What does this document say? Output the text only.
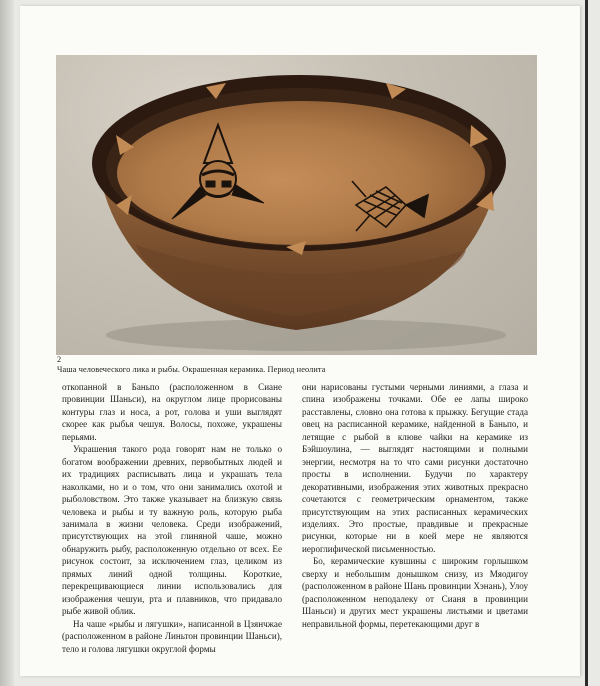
2
Чаша человеческого лика и рыбы. Окрашенная керамика. Период неолита

откопанной в Баньпо (расположенном в Сиане провинции Шаньси), на округлом лице прорисованы контуры глаз и носа, а рот, голова и уши выглядят скорее как рыбья чешуя. Волосы, похоже, украшены перьями.

Украшения такого рода говорят нам не только о богатом воображении древних, первобытных людей и их традициях расписывать лица и украшать тела наколками, но и о том, что они занимались охотой и рыболовством. Это также указывает на близкую связь человека и рыбы и ту важную роль, которую рыба занимала в жизни человека. Среди изображений, присутствующих на этой глиняной чаше, можно обнаружить рыбу, расположенную отдельно от всех. Ее рисунок состоит, за исключением глаз, целиком из прямых линий одной толщины. Короткие, перекрещивающиеся линии использовались для изображения чешуи, рта и плавников, что придавало рыбе живой облик.

На чаше «рыбы и лягушки», написанной в Цзянчжае (расположенном в районе Линьтон провинции Шаньси), тело и голова лягушки округлой формы

они нарисованы густыми черными линиями, а глаза и спина изображены точками. Обе ее лапы широко расставлены, словно она готова к прыжку. Бегущие стада овец на расписанной керамике, найденной в Баньпо, и летящие с рыбой в клюве чайки на керамике из Бэйшоулина, — выглядят настоящими и полными энергии, несмотря на то что сами рисунки достаточно просты в исполнении. Будучи по характеру декоративными, изображения этих животных прекрасно сочетаются с геометрическим орнаментом, также присутствующим на этих расписанных керамических изделиях. Это простые, правдивые и прекрасные рисунки, которые ни в коей мере не являются иероглифической письменностью.

Бо, керамические кувшины с широким горлышком сверху и небольшим донышком снизу, из Мяодигоу (расположенном в районе Шань провинции Хэнань), Улоу (расположенном неподалеку от Сианя в провинции Шаньси) и других мест украшены листьями и цветами неправильной формы, перетекающими друг в
